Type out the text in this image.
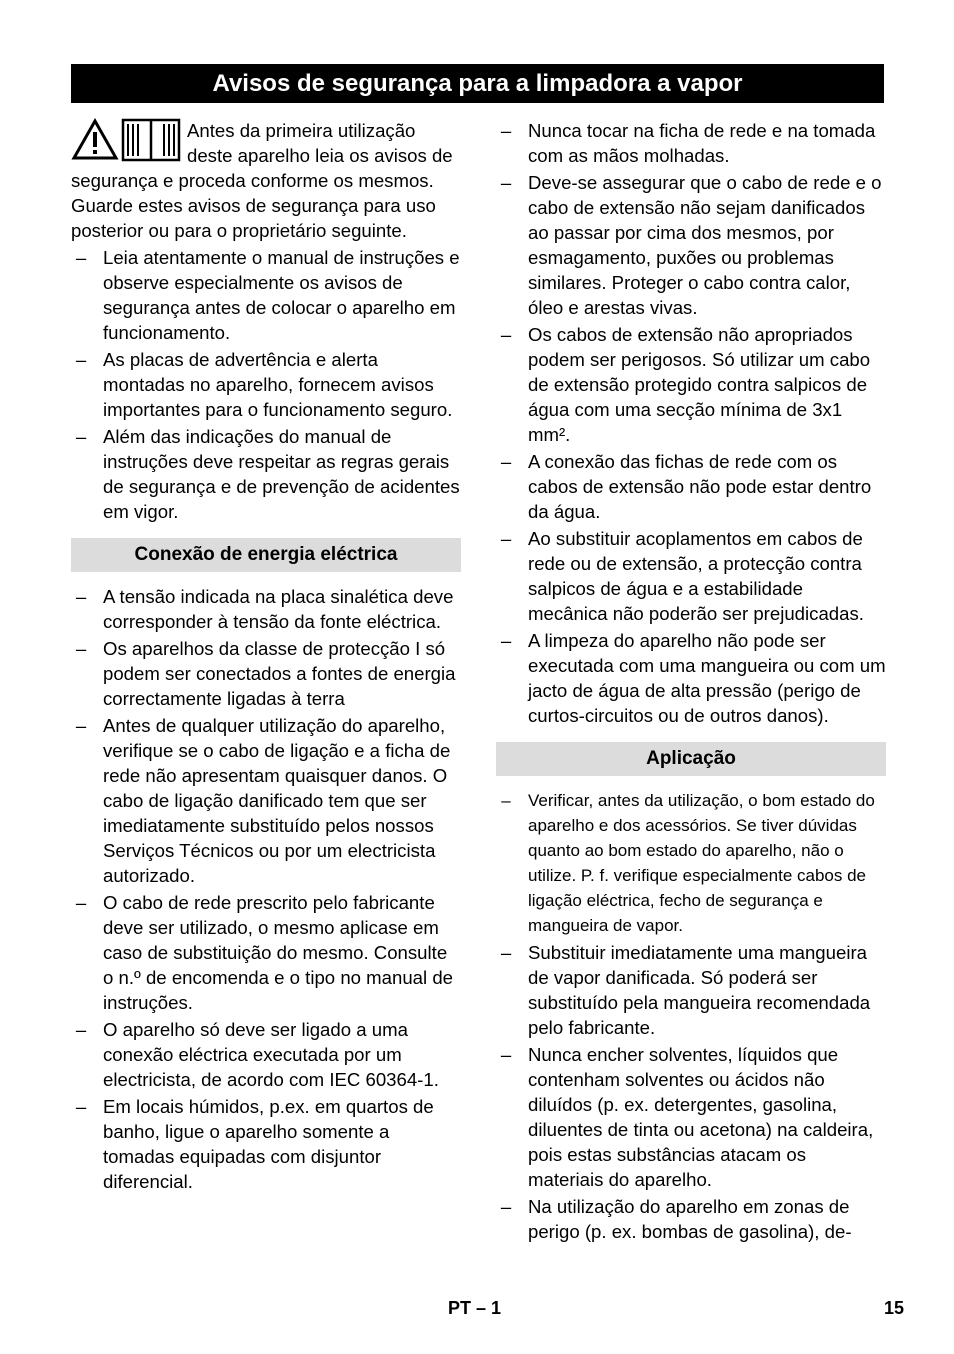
Avisos de segurança para a limpadora a vapor
Antes da primeira utilização deste aparelho leia os avisos de segurança e proceda conforme os mesmos. Guarde estes avisos de segurança para uso posterior ou para o proprietário seguinte.
– Leia atentamente o manual de instruções e observe especialmente os avisos de segurança antes de colocar o aparelho em funcionamento.
– As placas de advertência e alerta montadas no aparelho, fornecem avisos importantes para o funcionamento seguro.
– Além das indicações do manual de instruções deve respeitar as regras gerais de segurança e de prevenção de acidentes em vigor.
Conexão de energia eléctrica
– A tensão indicada na placa sinalética deve corresponder à tensão da fonte eléctrica.
– Os aparelhos da classe de protecção I só podem ser conectados a fontes de energia correctamente ligadas à terra
– Antes de qualquer utilização do aparelho, verifique se o cabo de ligação e a ficha de rede não apresentam quaisquer danos. O cabo de ligação danificado tem que ser imediatamente substituído pelos nossos Serviços Técnicos ou por um electricista autorizado.
– O cabo de rede prescrito pelo fabricante deve ser utilizado, o mesmo aplicase em caso de substituição do mesmo. Consulte o n.º de encomenda e o tipo no manual de instruções.
– O aparelho só deve ser ligado a uma conexão eléctrica executada por um electricista, de acordo com IEC 60364-1.
– Em locais húmidos, p.ex. em quartos de banho, ligue o aparelho somente a tomadas equipadas com disjuntor diferencial.
– Nunca tocar na ficha de rede e na tomada com as mãos molhadas.
– Deve-se assegurar que o cabo de rede e o cabo de extensão não sejam danificados ao passar por cima dos mesmos, por esmagamento, puxões ou problemas similares. Proteger o cabo contra calor, óleo e arestas vivas.
– Os cabos de extensão não apropriados podem ser perigosos. Só utilizar um cabo de extensão protegido contra salpicos de água com uma secção mínima de 3x1 mm².
– A conexão das fichas de rede com os cabos de extensão não pode estar dentro da água.
– Ao substituir acoplamentos em cabos de rede ou de extensão, a protecção contra salpicos de água e a estabilidade mecânica não poderão ser prejudicadas.
– A limpeza do aparelho não pode ser executada com uma mangueira ou com um jacto de água de alta pressão (perigo de curtos-circuitos ou de outros danos).
Aplicação
– Verificar, antes da utilização, o bom estado do aparelho e dos acessórios. Se tiver dúvidas quanto ao bom estado do aparelho, não o utilize. P. f. verifique especialmente cabos de ligação eléctrica, fecho de segurança e mangueira de vapor.
– Substituir imediatamente uma mangueira de vapor danificada. Só poderá ser substituído pela mangueira recomendada pelo fabricante.
– Nunca encher solventes, líquidos que contenham solventes ou ácidos não diluídos (p. ex. detergentes, gasolina, diluentes de tinta ou acetona) na caldeira, pois estas substâncias atacam os materiais do aparelho.
– Na utilização do aparelho em zonas de perigo (p. ex. bombas de gasolina), de-
PT – 1	15
